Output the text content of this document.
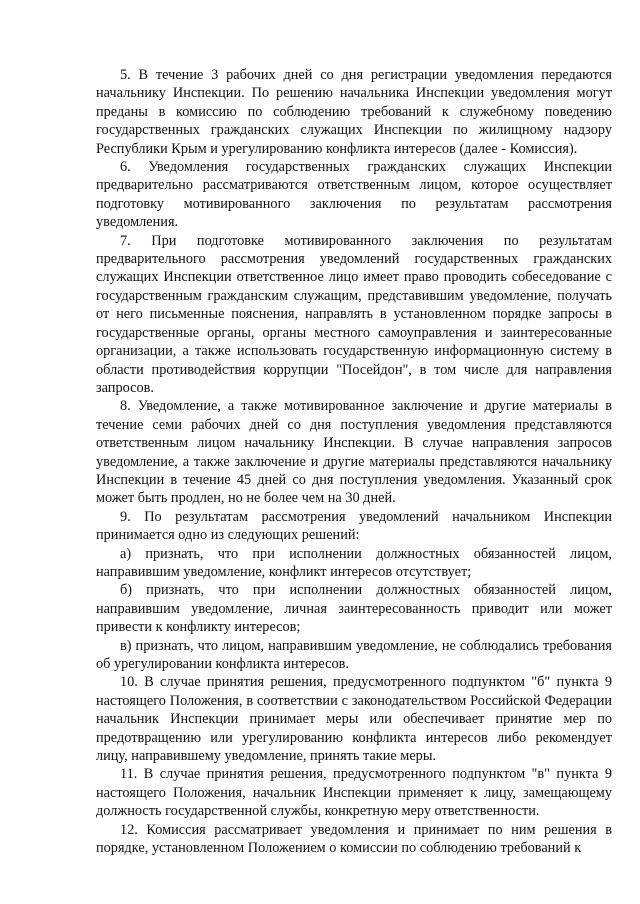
5. В течение 3 рабочих дней со дня регистрации уведомления передаются начальнику Инспекции. По решению начальника Инспекции уведомления могут преданы в комиссию по соблюдению требований к служебному поведению государственных гражданских служащих Инспекции по жилищному надзору Республики Крым и урегулированию конфликта интересов (далее - Комиссия).

6. Уведомления государственных гражданских служащих Инспекции предварительно рассматриваются ответственным лицом, которое осуществляет подготовку мотивированного заключения по результатам рассмотрения уведомления.

7. При подготовке мотивированного заключения по результатам предварительного рассмотрения уведомлений государственных гражданских служащих Инспекции ответственное лицо имеет право проводить собеседование с государственным гражданским служащим, представившим уведомление, получать от него письменные пояснения, направлять в установленном порядке запросы в государственные органы, органы местного самоуправления и заинтересованные организации, а также использовать государственную информационную систему в области противодействия коррупции "Посейдон", в том числе для направления запросов.

8. Уведомление, а также мотивированное заключение и другие материалы в течение семи рабочих дней со дня поступления уведомления представляются ответственным лицом начальнику Инспекции. В случае направления запросов уведомление, а также заключение и другие материалы представляются начальнику Инспекции в течение 45 дней со дня поступления уведомления. Указанный срок может быть продлен, но не более чем на 30 дней.

9. По результатам рассмотрения уведомлений начальником Инспекции принимается одно из следующих решений:

а) признать, что при исполнении должностных обязанностей лицом, направившим уведомление, конфликт интересов отсутствует;

б) признать, что при исполнении должностных обязанностей лицом, направившим уведомление, личная заинтересованность приводит или может привести к конфликту интересов;

в) признать, что лицом, направившим уведомление, не соблюдались требования об урегулировании конфликта интересов.

10. В случае принятия решения, предусмотренного подпунктом "б" пункта 9 настоящего Положения, в соответствии с законодательством Российской Федерации начальник Инспекции принимает меры или обеспечивает принятие мер по предотвращению или урегулированию конфликта интересов либо рекомендует лицу, направившему уведомление, принять такие меры.

11. В случае принятия решения, предусмотренного подпунктом "в" пункта 9 настоящего Положения, начальник Инспекции применяет к лицу, замещающему должность государственной службы, конкретную меру ответственности.

12. Комиссия рассматривает уведомления и принимает по ним решения в порядке, установленном Положением о комиссии по соблюдению требований к
